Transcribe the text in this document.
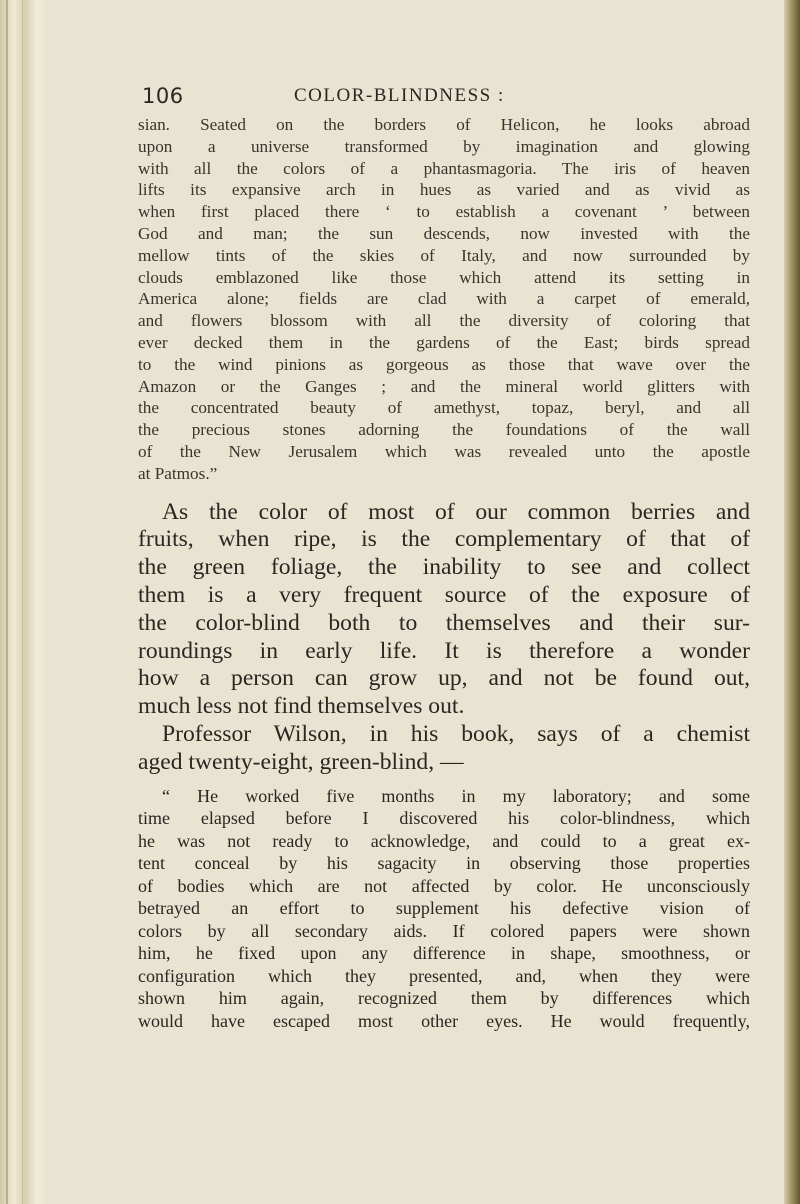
106	COLOR-BLINDNESS :
sian. Seated on the borders of Helicon, he looks abroad
upon a universe transformed by imagination and glowing
with all the colors of a phantasmagoria. The iris of heaven
lifts its expansive arch in hues as varied and as vivid as
when first placed there ‘ to establish a covenant ’ between
God and man; the sun descends, now invested with the
mellow tints of the skies of Italy, and now surrounded by
clouds emblazoned like those which attend its setting in
America alone; fields are clad with a carpet of emerald,
and flowers blossom with all the diversity of coloring that
ever decked them in the gardens of the East; birds spread
to the wind pinions as gorgeous as those that wave over the
Amazon or the Ganges ; and the mineral world glitters with
the concentrated beauty of amethyst, topaz, beryl, and all
the precious stones adorning the foundations of the wall
of the New Jerusalem which was revealed unto the apostle
at Patmos.”
As the color of most of our common berries and
fruits, when ripe, is the complementary of that of
the green foliage, the inability to see and collect
them is a very frequent source of the exposure of
the color-blind both to themselves and their sur-
roundings in early life. It is therefore a wonder
how a person can grow up, and not be found out,
much less not find themselves out.
Professor Wilson, in his book, says of a chemist
aged twenty-eight, green-blind, —
“ He worked five months in my laboratory; and some
time elapsed before I discovered his color-blindness, which
he was not ready to acknowledge, and could to a great ex-
tent conceal by his sagacity in observing those properties
of bodies which are not affected by color. He unconsciously
betrayed an effort to supplement his defective vision of
colors by all secondary aids. If colored papers were shown
him, he fixed upon any difference in shape, smoothness, or
configuration which they presented, and, when they were
shown him again, recognized them by differences which
would have escaped most other eyes. He would frequently,
